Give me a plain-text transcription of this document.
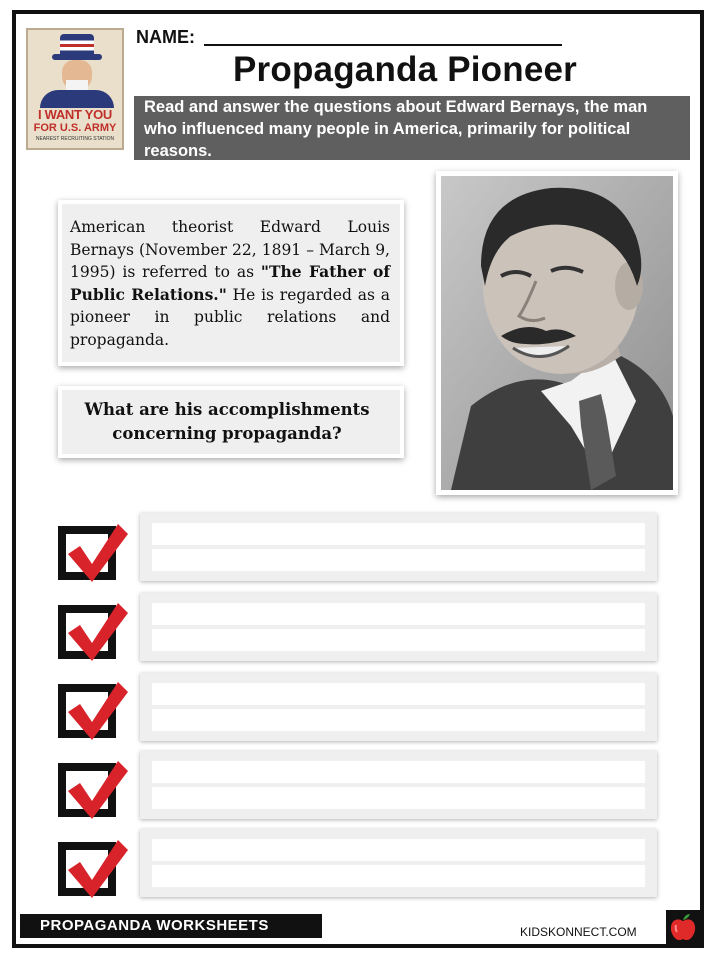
I WANT YOU
FOR U.S. ARMY
NEAREST RECRUITING STATION
NAME:
Propaganda Pioneer
Read and answer the questions about Edward Bernays, the man who influenced many people in America, primarily for political reasons.
American theorist Edward Louis Bernays (November 22, 1891 – March 9, 1995) is referred to as "The Father of Public Relations." He is regarded as a pioneer in public relations and propaganda.
What are his accomplishments concerning propaganda?
PROPAGANDA WORKSHEETS	KIDSKONNECT.COM
